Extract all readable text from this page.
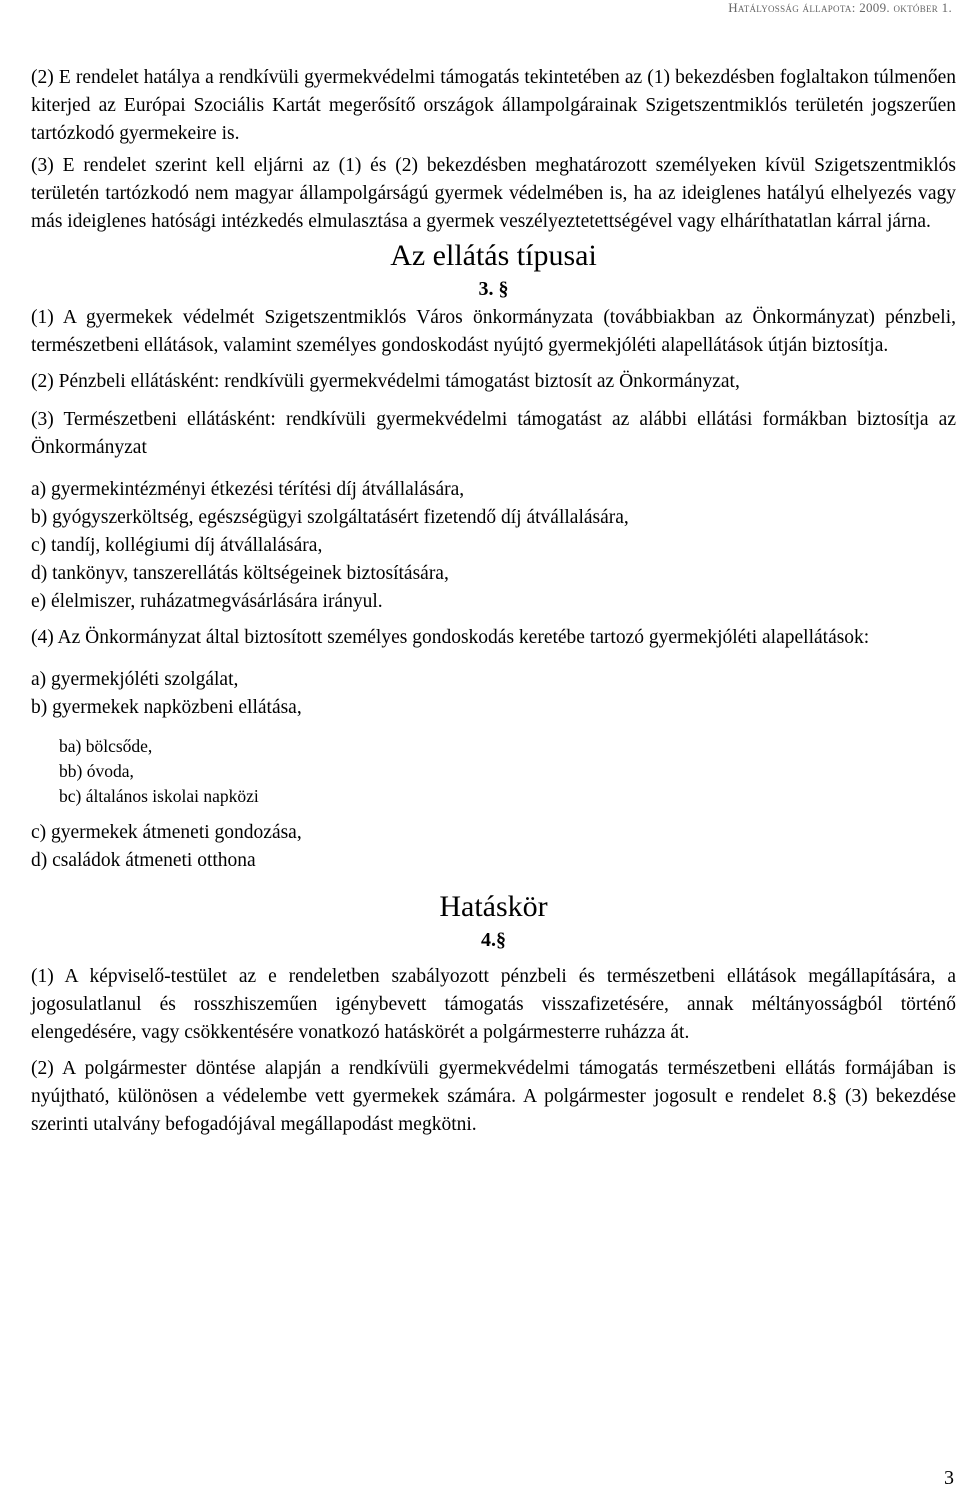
Hatályosság állapota: 2009. október 1.

(2) E rendelet hatálya a rendkívüli gyermekvédelmi támogatás tekintetében az (1) bekezdésben foglaltakon túlmenően kiterjed az Európai Szociális Kartát megerősítő országok állampolgárainak Szigetszentmiklós területén jogszerűen tartózkodó gyermekeire is.

(3) E rendelet szerint kell eljárni az (1) és (2) bekezdésben meghatározott személyeken kívül Szigetszentmiklós területén tartózkodó nem magyar állampolgárságú gyermek védelmében is, ha az ideiglenes hatályú elhelyezés vagy más ideiglenes hatósági intézkedés elmulasztása a gyermek veszélyeztetettségével vagy elháríthatatlan kárral járna.

Az ellátás típusai
3. §

(1) A gyermekek védelmét Szigetszentmiklós Város önkormányzata (továbbiakban az Önkormányzat) pénzbeli, természetbeni ellátások, valamint személyes gondoskodást nyújtó gyermekjóléti alapellátások útján biztosítja.

(2) Pénzbeli ellátásként: rendkívüli gyermekvédelmi támogatást biztosít az Önkormányzat,

(3) Természetbeni ellátásként: rendkívüli gyermekvédelmi támogatást az alábbi ellátási formákban biztosítja az Önkormányzat

a) gyermekintézményi étkezési térítési díj átvállalására,

b) gyógyszerköltség, egészségügyi szolgáltatásért fizetendő díj átvállalására,

c) tandíj, kollégiumi díj átvállalására,

d) tankönyv, tanszerellátás költségeinek biztosítására,

e) élelmiszer, ruházatmegvásárlására irányul.

(4) Az Önkormányzat által biztosított személyes gondoskodás keretébe tartozó gyermekjóléti alapellátások:

a) gyermekjóléti szolgálat,

b) gyermekek napközbeni ellátása,

ba) bölcsőde,

bb) óvoda,

bc) általános iskolai napközi

c) gyermekek átmeneti gondozása,

d) családok átmeneti otthona

Hatáskör
4.§

(1) A képviselő-testület az e rendeletben szabályozott pénzbeli és természetbeni ellátások megállapítására, a jogosulatlanul és rosszhiszeműen igénybevett támogatás visszafizetésére, annak méltányosságból történő elengedésére, vagy csökkentésére vonatkozó hatáskörét a polgármesterre ruházza át.

(2) A polgármester döntése alapján a rendkívüli gyermekvédelmi támogatás természetbeni ellátás formájában is nyújtható, különösen a védelembe vett gyermekek számára. A polgármester jogosult e rendelet 8.§ (3) bekezdése szerinti utalvány befogadójával megállapodást megkötni.

3
